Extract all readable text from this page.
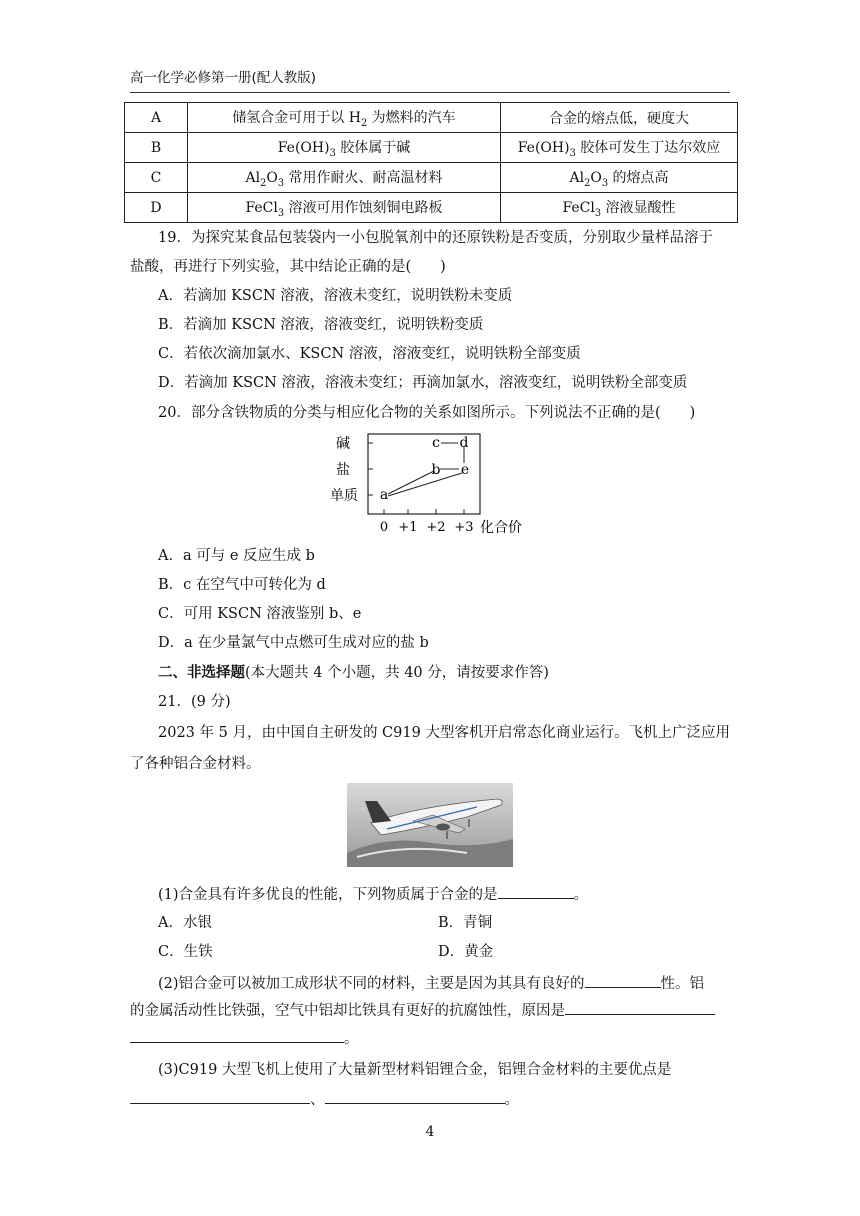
高一化学必修第一册(配人教版)
A	储氢合金可用于以 $H_2$ 为燃料的汽车	合金的熔点低，硬度大
B	$Fe(OH)_3$ 胶体属于碱	$Fe(OH)_3$ 胶体可发生丁达尔效应
C	$Al_2O_3$ 常用作耐火、耐高温材料	$Al_2O_3$ 的熔点高
D	FeCl$_3$ 溶液可用作蚀刻铜电路板	FeCl$_3$ 溶液显酸性
19．为探究某食品包装袋内一小包脱氧剂中的还原铁粉是否变质，分别取少量样品溶于
盐酸，再进行下列实验，其中结论正确的是(　　)
A．若滴加 KSCN 溶液，溶液未变红，说明铁粉未变质
B．若滴加 KSCN 溶液，溶液变红，说明铁粉变质
C．若依次滴加氯水、KSCN 溶液，溶液变红，说明铁粉全部变质
D．若滴加 KSCN 溶液，溶液未变红；再滴加氯水，溶液变红，说明铁粉全部变质
20．部分含铁物质的分类与相应化合物的关系如图所示。下列说法不正确的是(　　)
碱
盐
单质
0 +1 +2 +3 化合价
a
b
c d
e
A．a 可与 e 反应生成 b
B．c 在空气中可转化为 d
C．可用 KSCN 溶液鉴别 b、e
D．a 在少量氯气中点燃可生成对应的盐 b
二、非选择题(本大题共 4 个小题，共 40 分，请按要求作答)
21．(9 分)
2023 年 5 月，由中国自主研发的 C919 大型客机开启常态化商业运行。飞机上广泛应用
了各种铝合金材料。
(1)合金具有许多优良的性能，下列物质属于合金的是	。
A．水银	B．青铜
C．生铁	D．黄金
(2)铝合金可以被加工成形状不同的材料，主要是因为其具有良好的	性。铝
的金属活动性比铁强，空气中铝却比铁具有更好的抗腐蚀性，原因是
。
(3)C919 大型飞机上使用了大量新型材料铝锂合金，铝锂合金材料的主要优点是
、	。
4
